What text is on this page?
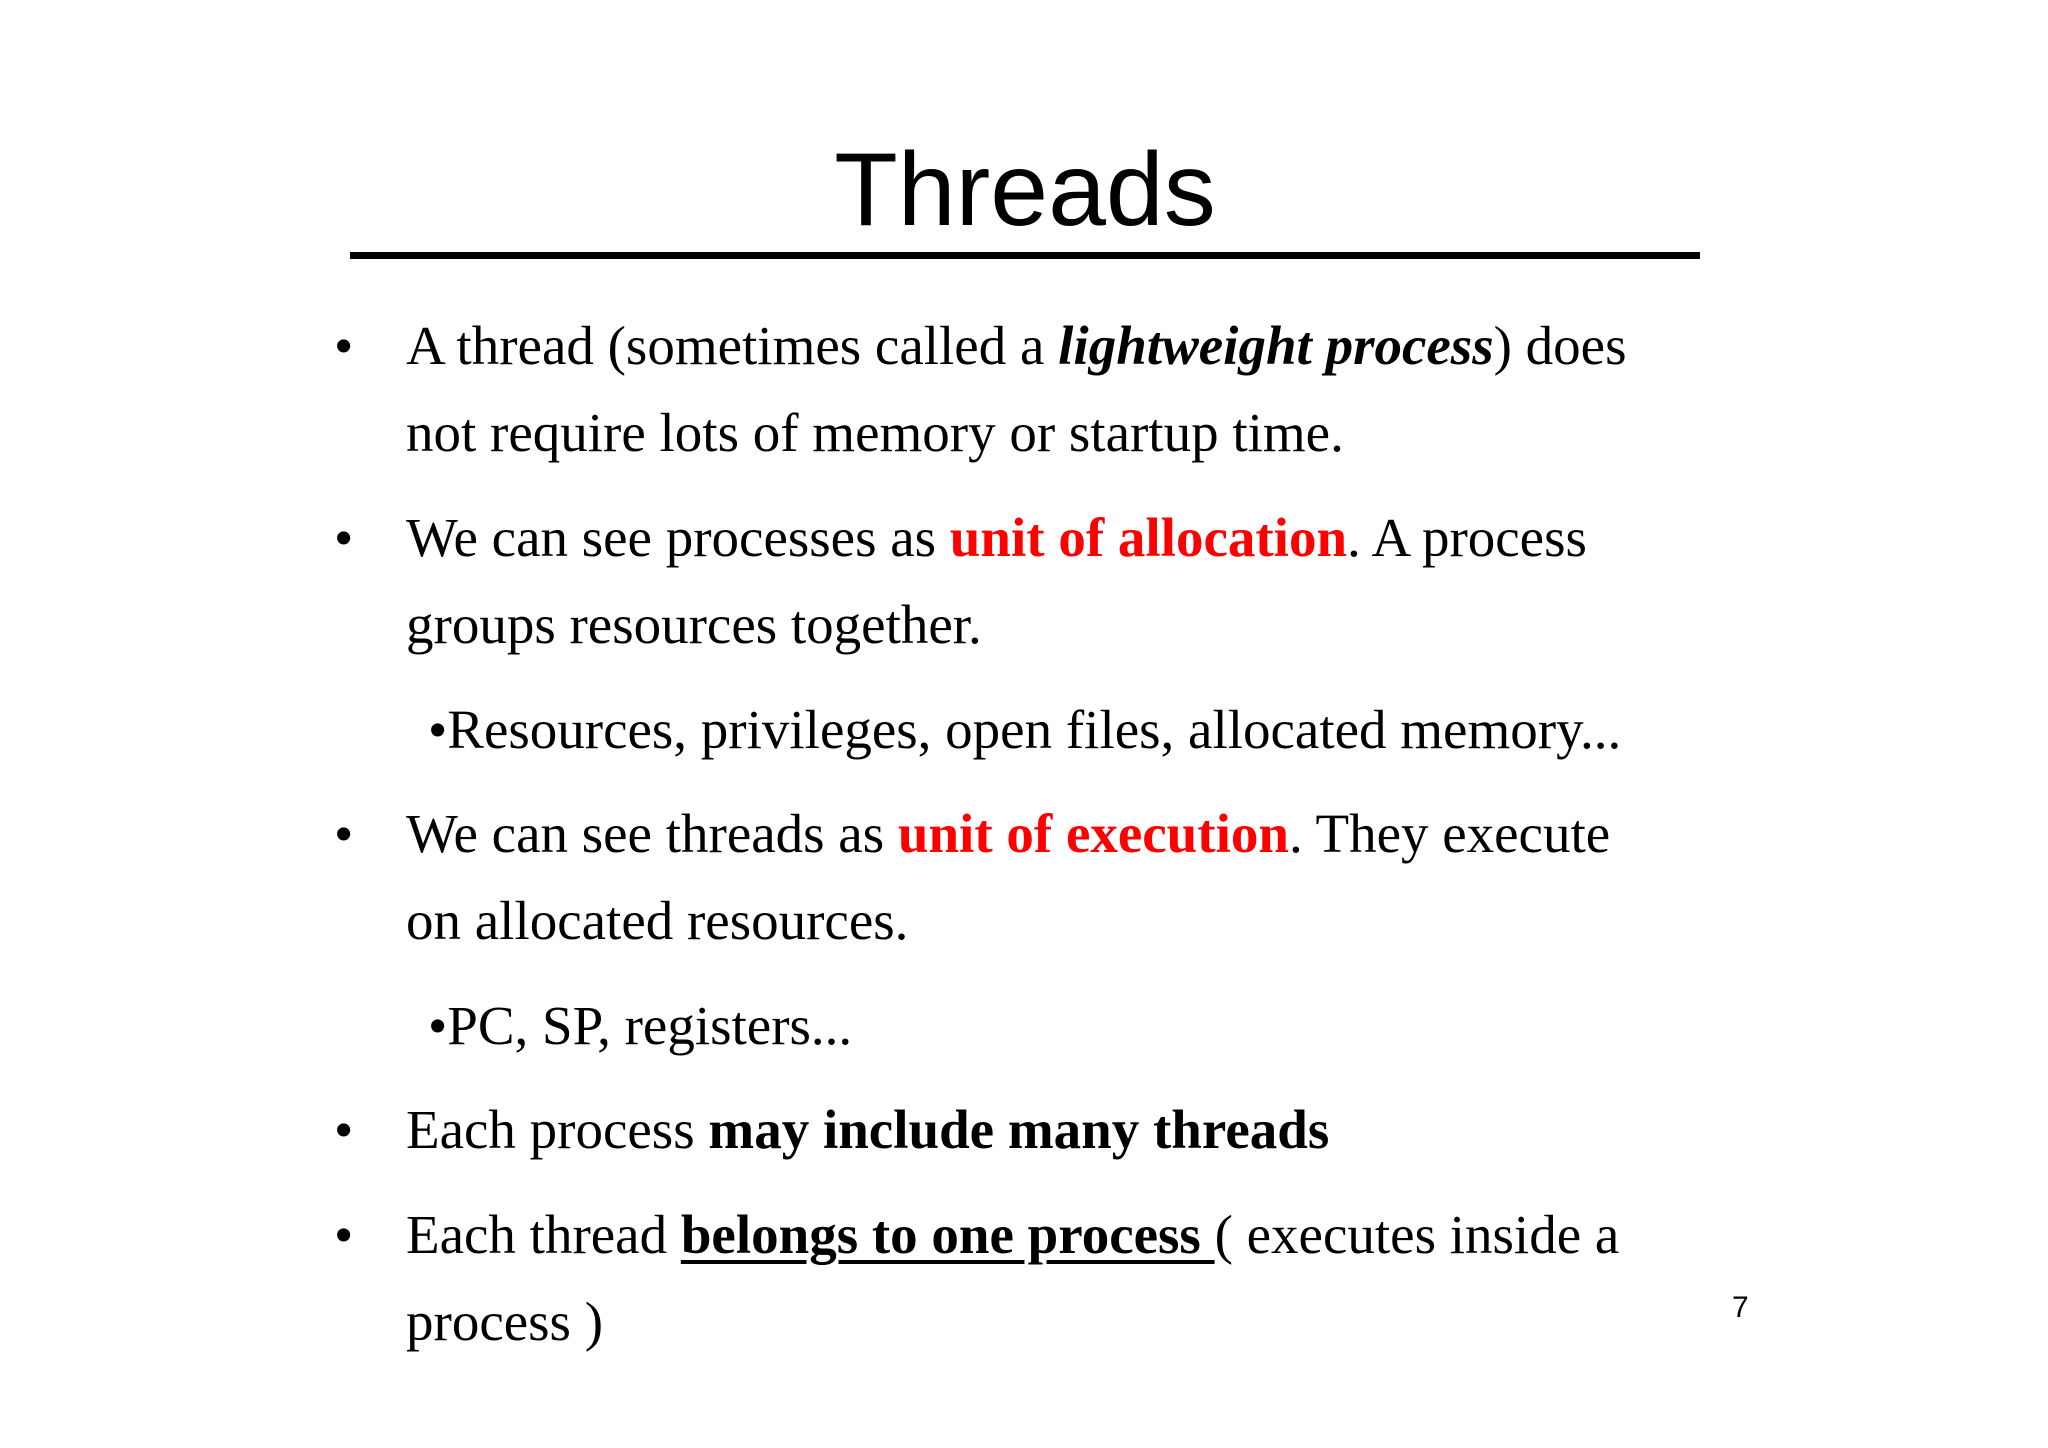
Threads
• A thread (sometimes called a lightweight process) does
not require lots of memory or startup time.
• We can see processes as unit of allocation. A process
groups resources together.
•Resources, privileges, open files, allocated memory...
• We can see threads as unit of execution. They execute
on allocated resources.
•PC, SP, registers...
• Each process may include many threads
• Each thread belongs to one process ( executes inside a
process )	7
